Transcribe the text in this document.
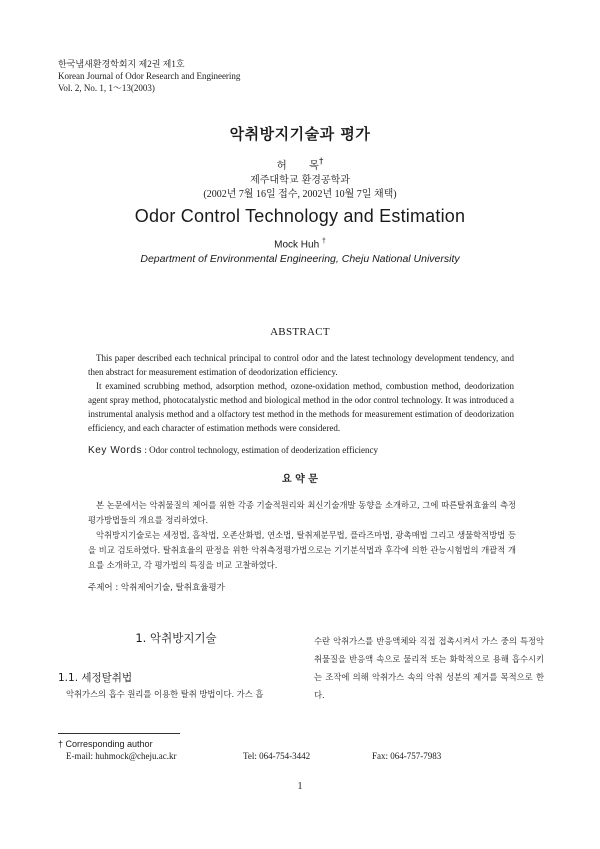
한국냄새환경학회지 제2권 제1호
Korean Journal of Odor Research and Engineering
Vol. 2, No. 1, 1～13(2003)
악취방지기술과 평가
허 목†
제주대학교 환경공학과
(2002년 7월 16일 접수, 2002년 10월 7일 채택)
Odor Control Technology and Estimation
Mock Huh †
Department of Environmental Engineering, Cheju National University
ABSTRACT

This paper described each technical principal to control odor and the latest technology development tendency, and then abstract for measurement estimation of deodorization efficiency.

It examined scrubbing method, adsorption method, ozone-oxidation method, combustion method, deodorization agent spray method, photocatalystic method and biological method in the odor control technology. It was introduced a instrumental analysis method and a olfactory test method in the methods for measurement estimation of deodorization efficiency, and each character of estimation methods were considered.

Key Words : Odor control technology, estimation of deoderization efficiency
요 약 문

본 논문에서는 악취물질의 제어를 위한 각종 기술적원리와 최신기술개발 동향을 소개하고, 그에 따른탈취효율의 측정평가방법들의 개요를 정리하였다.

악취방지기술로는 세정법, 흡착법, 오존산화법, 연소법, 탈취제분무법, 플라즈마법, 광촉매법 그리고 생물학적방법 등을 비교 검토하였다. 탈취효율의 판정을 위한 악취측정평가법으로는 기기분석법과 후각에 의한 관능시험법의 개괄적 개요를 소개하고, 각 평가법의 특징을 비교 고찰하였다.

주제어 : 악취제어기술, 탈취효율평가
1. 악취방지기술
1.1. 세정탈취법
악취가스의 흡수 원리를 이용한 탈취 방법이다. 가스 흡
수란 악취가스를 반응액체와 직접 접촉시켜서 가스 중의 특정악취물질을 반응액 속으로 물리적 또는 화학적으로 용해 흡수시키는 조작에 의해 악취가스 속의 악취 성분의 제거를 목적으로 한다.
† Corresponding author
E-mail: huhmock@cheju.ac.kr	Tel: 064-754-3442	Fax: 064-757-7983
1
